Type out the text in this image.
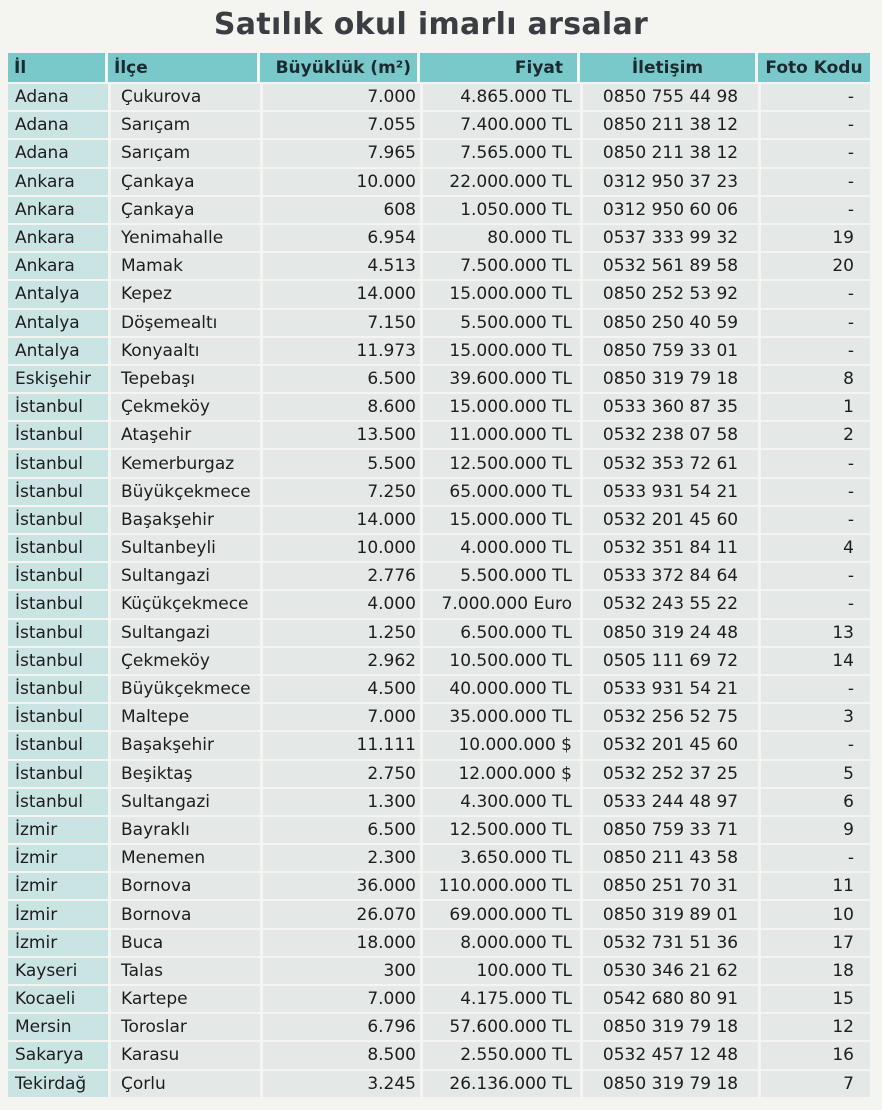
Satılık okul imarlı arsalar
İl	İlçe	Büyüklük (m²)	Fiyat	İletişim	Foto Kodu
Adana	Çukurova	7.000	4.865.000 TL	0850 755 44 98	-
Adana	Sarıçam	7.055	7.400.000 TL	0850 211 38 12	-
Adana	Sarıçam	7.965	7.565.000 TL	0850 211 38 12	-
Ankara	Çankaya	10.000	22.000.000 TL	0312 950 37 23	-
Ankara	Çankaya	608	1.050.000 TL	0312 950 60 06	-
Ankara	Yenimahalle	6.954	80.000 TL	0537 333 99 32	19
Ankara	Mamak	4.513	7.500.000 TL	0532 561 89 58	20
Antalya	Kepez	14.000	15.000.000 TL	0850 252 53 92	-
Antalya	Döşemealtı	7.150	5.500.000 TL	0850 250 40 59	-
Antalya	Konyaaltı	11.973	15.000.000 TL	0850 759 33 01	-
Eskişehir	Tepebaşı	6.500	39.600.000 TL	0850 319 79 18	8
İstanbul	Çekmeköy	8.600	15.000.000 TL	0533 360 87 35	1
İstanbul	Ataşehir	13.500	11.000.000 TL	0532 238 07 58	2
İstanbul	Kemerburgaz	5.500	12.500.000 TL	0532 353 72 61	-
İstanbul	Büyükçekmece	7.250	65.000.000 TL	0533 931 54 21	-
İstanbul	Başakşehir	14.000	15.000.000 TL	0532 201 45 60	-
İstanbul	Sultanbeyli	10.000	4.000.000 TL	0532 351 84 11	4
İstanbul	Sultangazi	2.776	5.500.000 TL	0533 372 84 64	-
İstanbul	Küçükçekmece	4.000	7.000.000 Euro	0532 243 55 22	-
İstanbul	Sultangazi	1.250	6.500.000 TL	0850 319 24 48	13
İstanbul	Çekmeköy	2.962	10.500.000 TL	0505 111 69 72	14
İstanbul	Büyükçekmece	4.500	40.000.000 TL	0533 931 54 21	-
İstanbul	Maltepe	7.000	35.000.000 TL	0532 256 52 75	3
İstanbul	Başakşehir	11.111	10.000.000 $	0532 201 45 60	-
İstanbul	Beşiktaş	2.750	12.000.000 $	0532 252 37 25	5
İstanbul	Sultangazi	1.300	4.300.000 TL	0533 244 48 97	6
İzmir	Bayraklı	6.500	12.500.000 TL	0850 759 33 71	9
İzmir	Menemen	2.300	3.650.000 TL	0850 211 43 58	-
İzmir	Bornova	36.000	110.000.000 TL	0850 251 70 31	11
İzmir	Bornova	26.070	69.000.000 TL	0850 319 89 01	10
İzmir	Buca	18.000	8.000.000 TL	0532 731 51 36	17
Kayseri	Talas	300	100.000 TL	0530 346 21 62	18
Kocaeli	Kartepe	7.000	4.175.000 TL	0542 680 80 91	15
Mersin	Toroslar	6.796	57.600.000 TL	0850 319 79 18	12
Sakarya	Karasu	8.500	2.550.000 TL	0532 457 12 48	16
Tekirdağ	Çorlu	3.245	26.136.000 TL	0850 319 79 18	7
